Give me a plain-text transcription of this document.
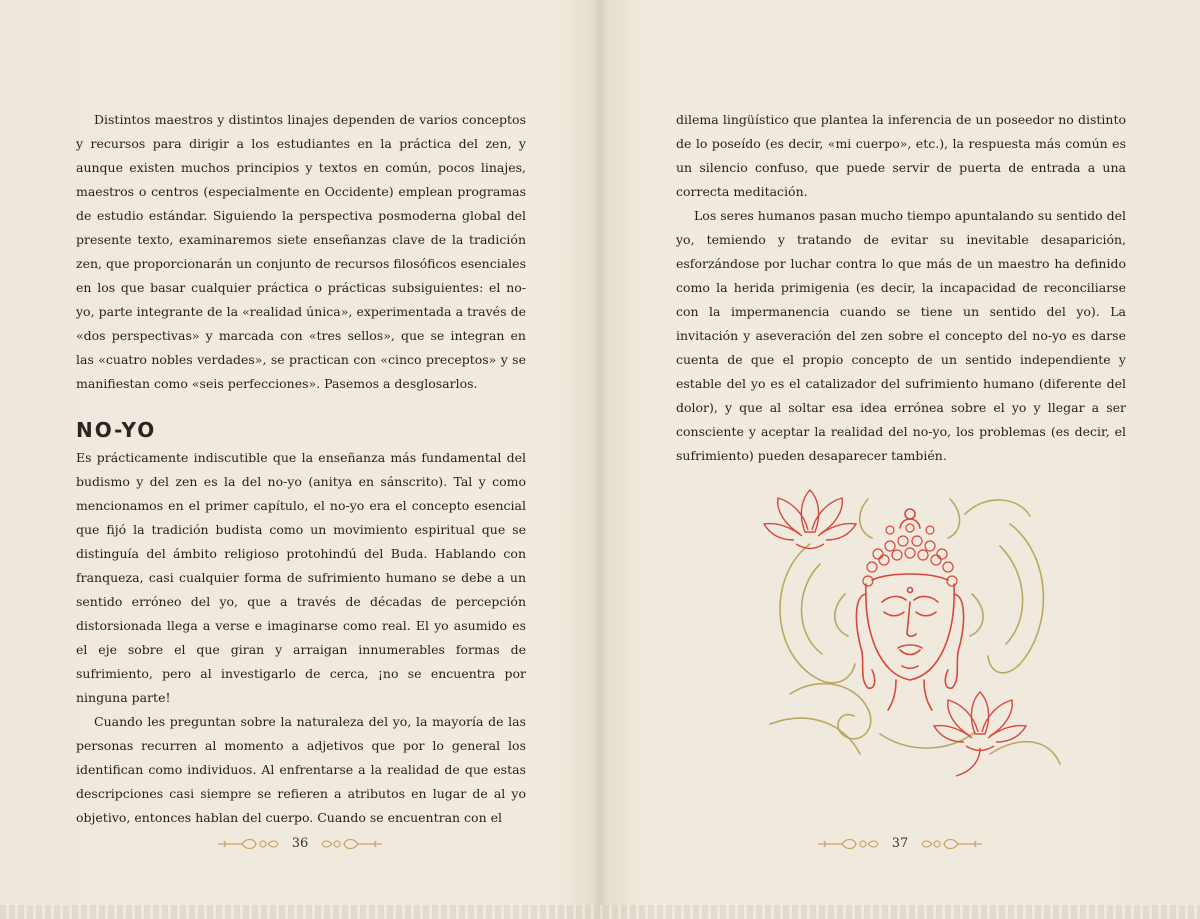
Distintos maestros y distintos linajes dependen de varios conceptos y recursos para dirigir a los estudiantes en la práctica del zen, y aunque existen muchos principios y textos en común, pocos linajes, maestros o centros (especialmente en Occidente) emplean programas de estudio estándar. Siguiendo la perspectiva posmoderna global del presente texto, examinaremos siete enseñanzas clave de la tradición zen, que proporcionarán un conjunto de recursos filosóficos esenciales en los que basar cualquier práctica o prácticas subsiguientes: el no-yo, parte integrante de la «realidad única», experimentada a través de «dos perspectivas» y marcada con «tres sellos», que se integran en las «cuatro nobles verdades», se practican con «cinco preceptos» y se manifiestan como «seis perfecciones». Pasemos a desglosarlos.

NO-YO

Es prácticamente indiscutible que la enseñanza más fundamental del budismo y del zen es la del no-yo (anitya en sánscrito). Tal y como mencionamos en el primer capítulo, el no-yo era el concepto esencial que fijó la tradición budista como un movimiento espiritual que se distinguía del ámbito religioso protohindú del Buda. Hablando con franqueza, casi cualquier forma de sufrimiento humano se debe a un sentido erróneo del yo, que a través de décadas de percepción distorsionada llega a verse e imaginarse como real. El yo asumido es el eje sobre el que giran y arraigan innumerables formas de sufrimiento, pero al investigarlo de cerca, ¡no se encuentra por ninguna parte!

Cuando les preguntan sobre la naturaleza del yo, la mayoría de las personas recurren al momento a adjetivos que por lo general los identifican como individuos. Al enfrentarse a la realidad de que estas descripciones casi siempre se refieren a atributos en lugar de al yo objetivo, entonces hablan del cuerpo. Cuando se encuentran con el

36

dilema lingüístico que plantea la inferencia de un poseedor no distinto de lo poseído (es decir, «mi cuerpo», etc.), la respuesta más común es un silencio confuso, que puede servir de puerta de entrada a una correcta meditación.

Los seres humanos pasan mucho tiempo apuntalando su sentido del yo, temiendo y tratando de evitar su inevitable desaparición, esforzándose por luchar contra lo que más de un maestro ha definido como la herida primigenia (es decir, la incapacidad de reconciliarse con la impermanencia cuando se tiene un sentido del yo). La invitación y aseveración del zen sobre el concepto del no-yo es darse cuenta de que el propio concepto de un sentido independiente y estable del yo es el catalizador del sufrimiento humano (diferente del dolor), y que al soltar esa idea errónea sobre el yo y llegar a ser consciente y aceptar la realidad del no-yo, los problemas (es decir, el sufrimiento) pueden desaparecer también.

37
